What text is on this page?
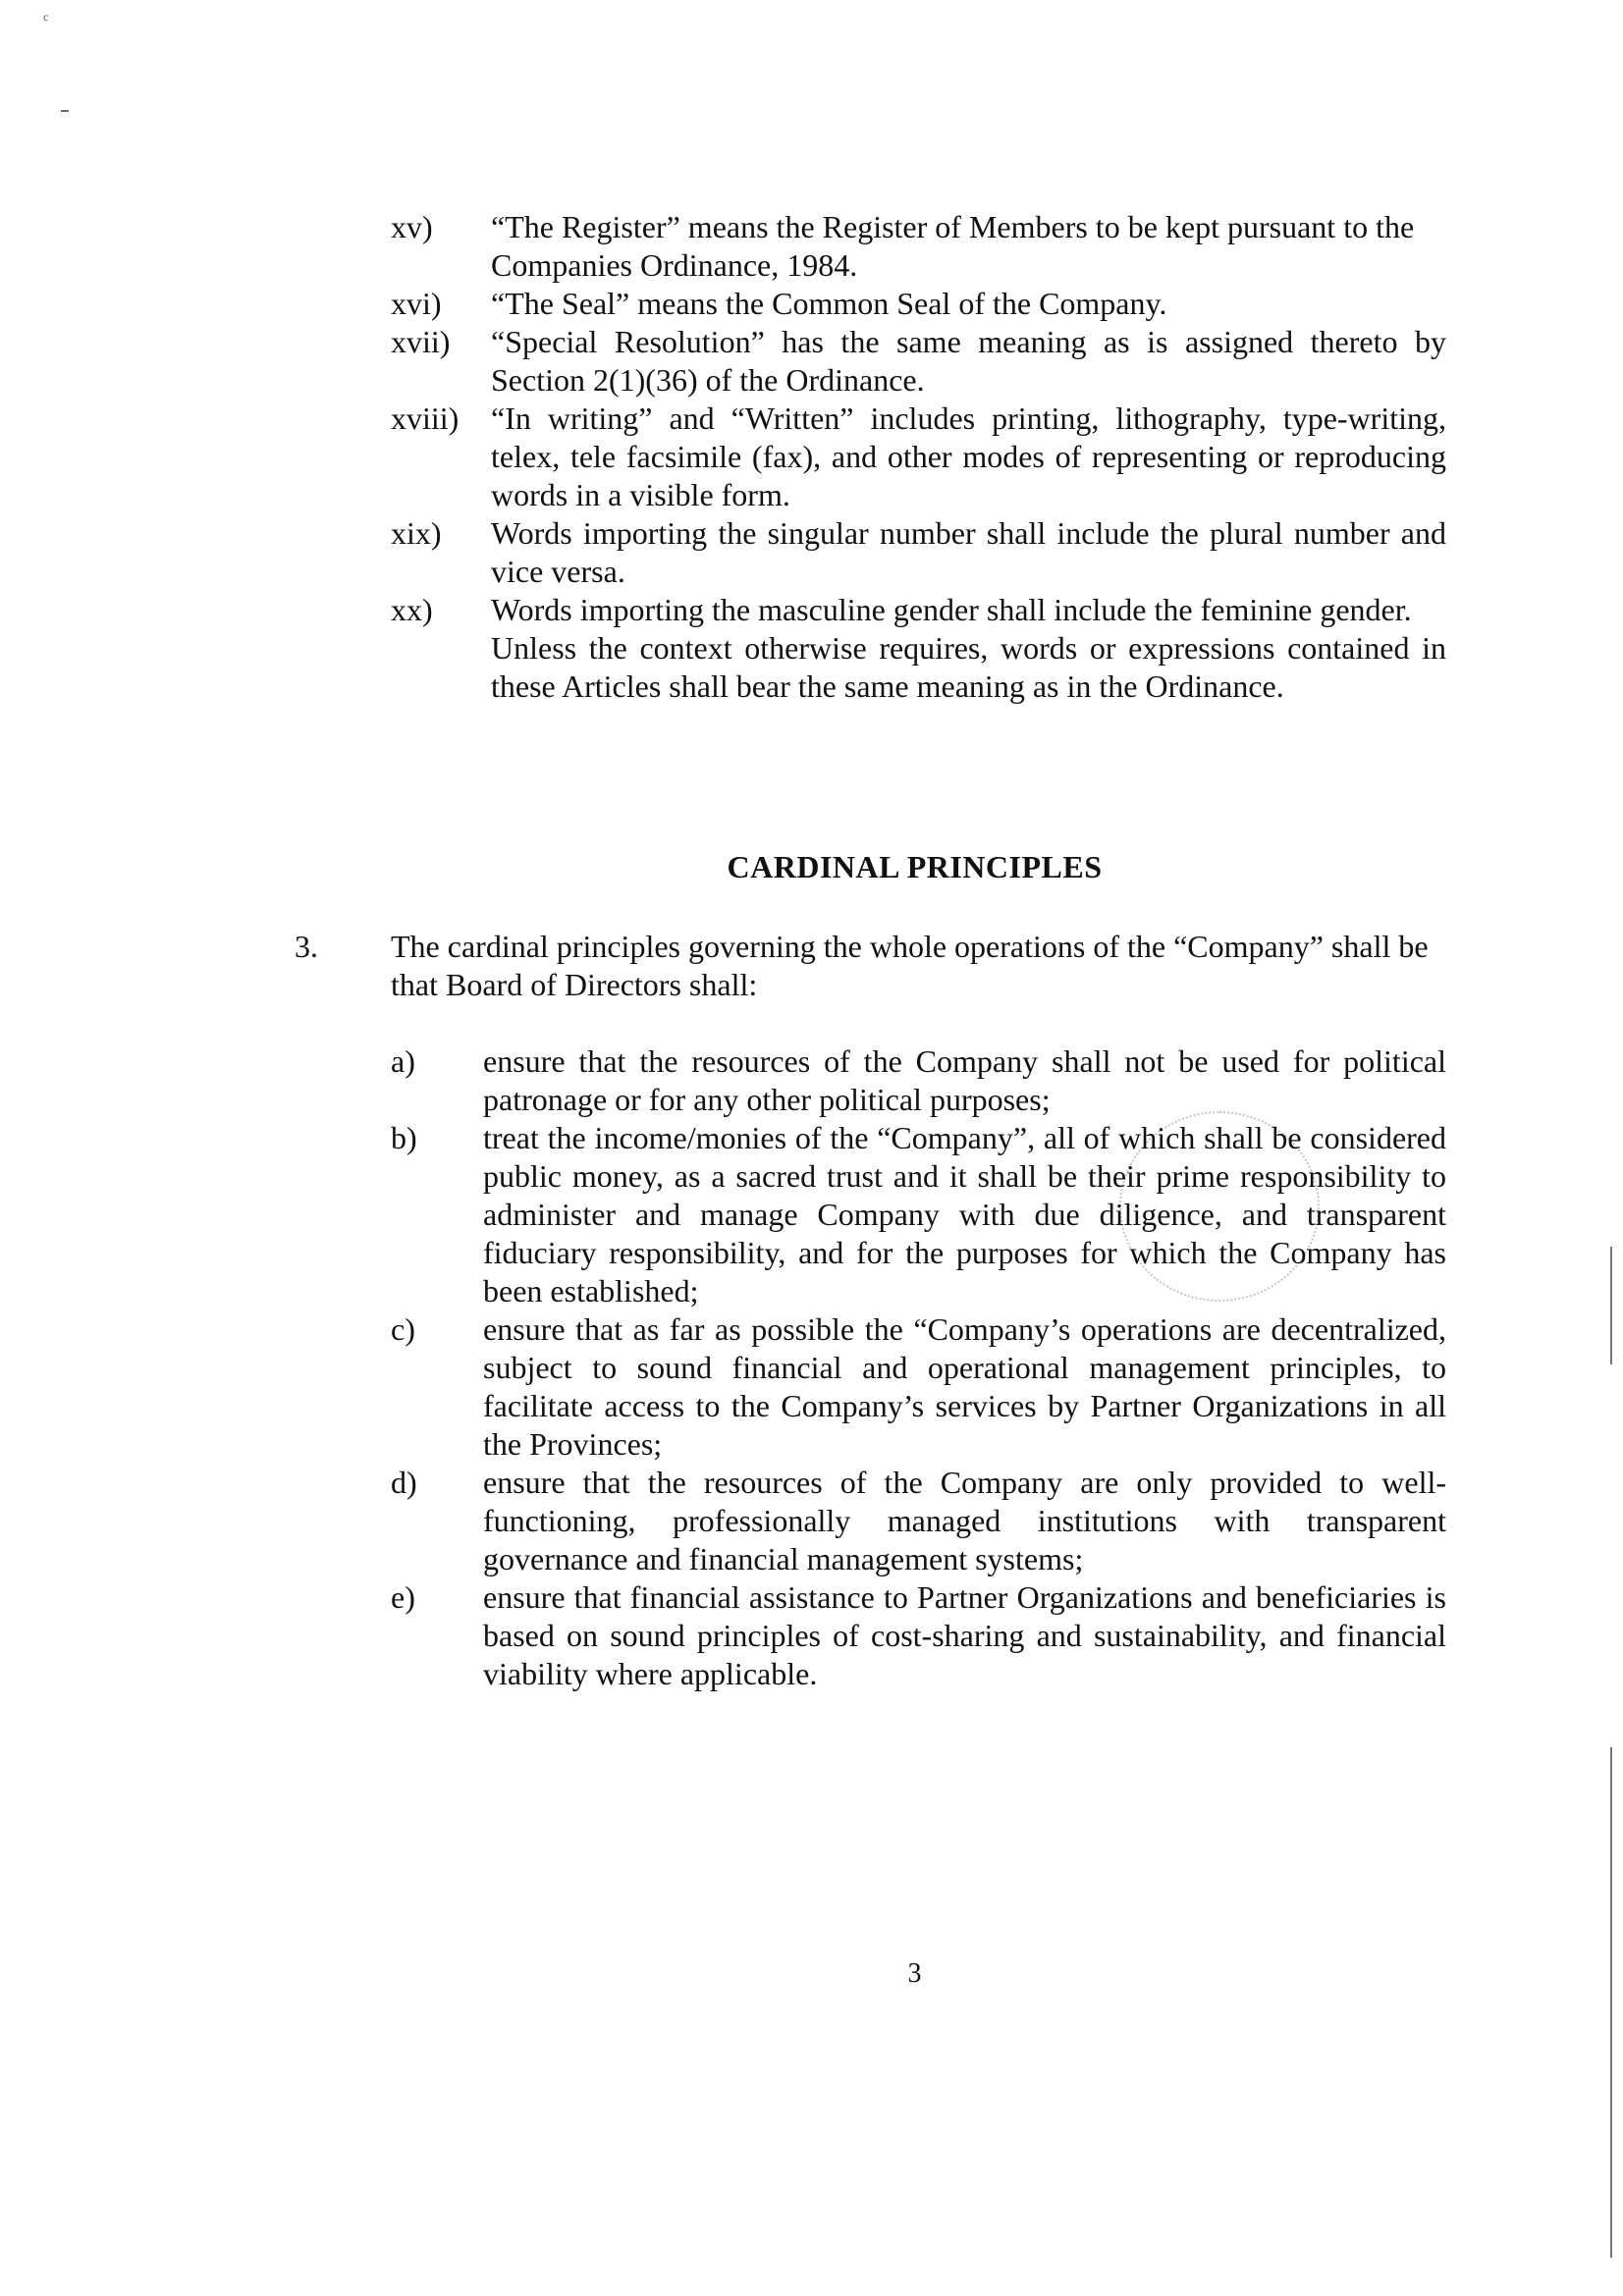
c
xv) “The Register” means the Register of Members to be kept pursuant to the Companies Ordinance, 1984.
xvi) “The Seal” means the Common Seal of the Company.
xvii) “Special Resolution” has the same meaning as is assigned thereto by Section 2(1)(36) of the Ordinance.
xviii) “In writing” and “Written” includes printing, lithography, type-writing, telex, tele facsimile (fax), and other modes of representing or reproducing words in a visible form.
xix) Words importing the singular number shall include the plural number and vice versa.
xx) Words importing the masculine gender shall include the feminine gender.
Unless the context otherwise requires, words or expressions contained in these Articles shall bear the same meaning as in the Ordinance.
CARDINAL PRINCIPLES
3. The cardinal principles governing the whole operations of the “Company” shall be that Board of Directors shall:
a) ensure that the resources of the Company shall not be used for political patronage or for any other political purposes;
b) treat the income/monies of the “Company”, all of which shall be considered public money, as a sacred trust and it shall be their prime responsibility to administer and manage Company with due diligence, and transparent fiduciary responsibility, and for the purposes for which the Company has been established;
c) ensure that as far as possible the “Company’s operations are decentralized, subject to sound financial and operational management principles, to facilitate access to the Company’s services by Partner Organizations in all the Provinces;
d) ensure that the resources of the Company are only provided to well-functioning, professionally managed institutions with transparent governance and financial management systems;
e) ensure that financial assistance to Partner Organizations and beneficiaries is based on sound principles of cost-sharing and sustainability, and financial viability where applicable.
3
